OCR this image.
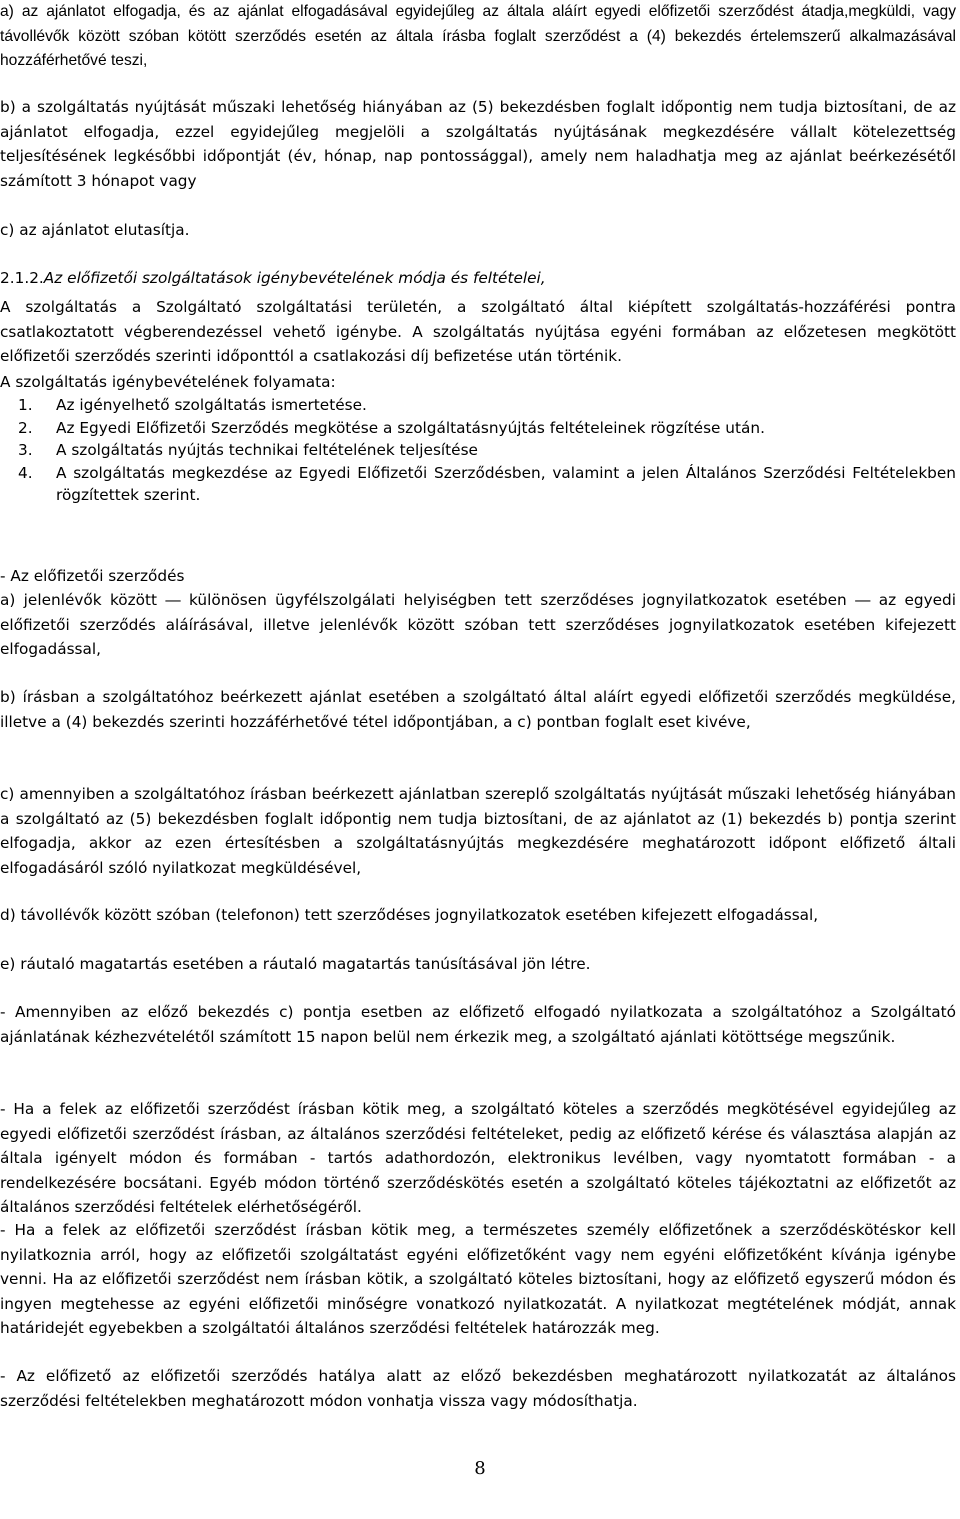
a) az ajánlatot elfogadja, és az ajánlat elfogadásával egyidejűleg az általa aláírt egyedi előfizetői szerződést átadja,megküldi, vagy távollévők között szóban kötött szerződés esetén az általa írásba foglalt szerződést a (4) bekezdés értelemszerű alkalmazásával hozzáférhetővé teszi,

b) a szolgáltatás nyújtását műszaki lehetőség hiányában az (5) bekezdésben foglalt időpontig nem tudja biztosítani, de az ajánlatot elfogadja, ezzel egyidejűleg megjelöli a szolgáltatás nyújtásának megkezdésére vállalt kötelezettség teljesítésének legkésőbbi időpontját (év, hónap, nap pontossággal), amely nem haladhatja meg az ajánlat beérkezésétől számított 3 hónapot vagy

c) az ajánlatot elutasítja.

2.1.2.Az előfizetői szolgáltatások igénybevételének módja és feltételei,

A szolgáltatás a Szolgáltató szolgáltatási területén, a szolgáltató által kiépített szolgáltatás-hozzáférési pontra csatlakoztatott végberendezéssel vehető igénybe. A szolgáltatás nyújtása egyéni formában az előzetesen megkötött előfizetői szerződés szerinti időponttól a csatlakozási díj befizetése után történik.

A szolgáltatás igénybevételének folyamata:

1. Az igényelhető szolgáltatás ismertetése.
2. Az Egyedi Előfizetői Szerződés megkötése a szolgáltatásnyújtás feltételeinek rögzítése után.
3. A szolgáltatás nyújtás technikai feltételének teljesítése
4. A szolgáltatás megkezdése az Egyedi Előfizetői Szerződésben, valamint a jelen Általános Szerződési Feltételekben rögzítettek szerint.

- Az előfizetői szerződés

a) jelenlévők között ― különösen ügyfélszolgálati helyiségben tett szerződéses jognyilatkozatok esetében ― az egyedi előfizetői szerződés aláírásával, illetve jelenlévők között szóban tett szerződéses jognyilatkozatok esetében kifejezett elfogadással,

b) írásban a szolgáltatóhoz beérkezett ajánlat esetében a szolgáltató által aláírt egyedi előfizetői szerződés megküldése, illetve a (4) bekezdés szerinti hozzáférhetővé tétel időpontjában, a c) pontban foglalt eset kivéve,

c) amennyiben a szolgáltatóhoz írásban beérkezett ajánlatban szereplő szolgáltatás nyújtását műszaki lehetőség hiányában a szolgáltató az (5) bekezdésben foglalt időpontig nem tudja biztosítani, de az ajánlatot az (1) bekezdés b) pontja szerint elfogadja, akkor az ezen értesítésben a szolgáltatásnyújtás megkezdésére meghatározott időpont előfizető általi elfogadásáról szóló nyilatkozat megküldésével,

d) távollévők között szóban (telefonon) tett szerződéses jognyilatkozatok esetében kifejezett elfogadással,

e) ráutaló magatartás esetében a ráutaló magatartás tanúsításával jön létre.

- Amennyiben az előző bekezdés c) pontja esetben az előfizető elfogadó nyilatkozata a szolgáltatóhoz a Szolgáltató ajánlatának kézhezvételétől számított 15 napon belül nem érkezik meg, a szolgáltató ajánlati kötöttsége megszűnik.

- Ha a felek az előfizetői szerződést írásban kötik meg, a szolgáltató köteles a szerződés megkötésével egyidejűleg az egyedi előfizetői szerződést írásban, az általános szerződési feltételeket, pedig az előfizető kérése és választása alapján az általa igényelt módon és formában - tartós adathordozón, elektronikus levélben, vagy nyomtatott formában - a rendelkezésére bocsátani. Egyéb módon történő szerződéskötés esetén a szolgáltató köteles tájékoztatni az előfizetőt az általános szerződési feltételek elérhetőségéről.

- Ha a felek az előfizetői szerződést írásban kötik meg, a természetes személy előfizetőnek a szerződéskötéskor kell nyilatkoznia arról, hogy az előfizetői szolgáltatást egyéni előfizetőként vagy nem egyéni előfizetőként kívánja igénybe venni. Ha az előfizetői szerződést nem írásban kötik, a szolgáltató köteles biztosítani, hogy az előfizető egyszerű módon és ingyen megtehesse az egyéni előfizetői minőségre vonatkozó nyilatkozatát. A nyilatkozat megtételének módját, annak határidejét egyebekben a szolgáltatói általános szerződési feltételek határozzák meg.

- Az előfizető az előfizetői szerződés hatálya alatt az előző bekezdésben meghatározott nyilatkozatát az általános szerződési feltételekben meghatározott módon vonhatja vissza vagy módosíthatja.

8
